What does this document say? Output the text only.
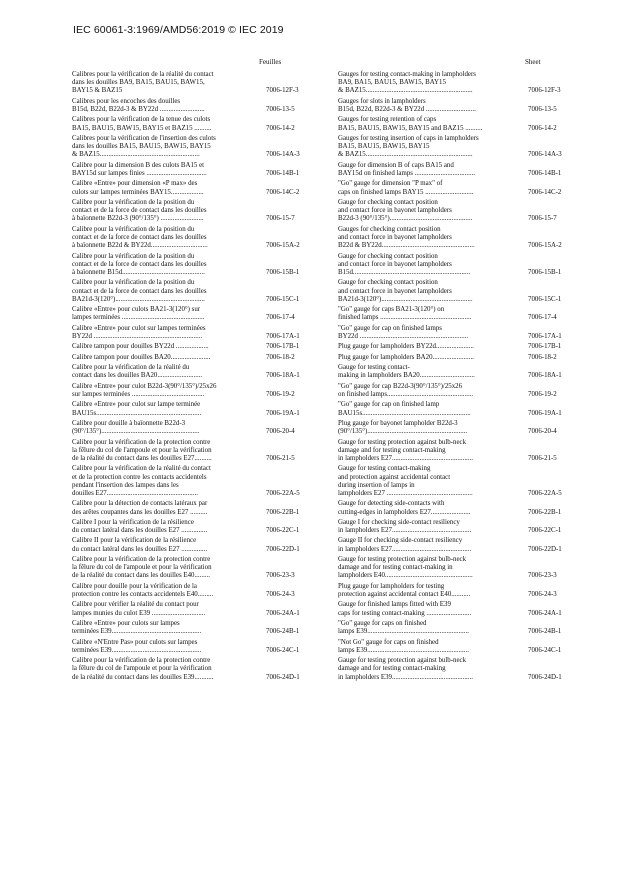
IEC 60061-3:1969/AMD56:2019 © IEC 2019
Feuilles	Sheet
Calibres pour la vérification de la réalité du contact
dans les douilles BA9, BA15, BAU15, BAW15,
BAY15 & BAZ15	7006-12F-3
Calibres pour les encoches des douilles
B15d, B22d, B22d-3 & BY22d ..........................	7006-13-5
Calibres pour la vérification de la tenue des culots
BA15, BAU15, BAW15, BAY15 et BAZ15 ..........	7006-14-2
Calibres pour la vérification de l'insertion des culots
dans les douilles BA15, BAU15, BAW15, BAY15
& BAZ15..........................................................	7006-14A-3
Calibre pour la dimension B des culots BA15 et
BAY15d sur lampes finies ...................................	7006-14B-1
Calibre «Entre» pour dimension «P max» des
culots sur lampes terminées BAY15...................	7006-14C-2
Calibre pour la vérification de la position du
contact et de la force de contact dans les douilles
à baïonnette B22d-3 (90°/135°) .........................	7006-15-7
Calibre pour la vérification de la position du
contact et de la force de contact dans les douilles
à baïonnette B22d & BY22d.................................	7006-15A-2
Calibre pour la vérification de la position du
contact et de la force de contact dans les douilles
à baïonnette B15d................................................	7006-15B-1
Calibre pour la vérification de la position du
contact et de la force de contact dans les douilles
BA21d-3(120°)....................................................	7006-15C-1
Calibre «Entre» pour culots BA21-3(120°) sur
lampes terminées ................................................	7006-17-4
Calibre «Entre» pour culot sur lampes terminées
BY22d ...............................................................	7006-17A-1
Calibre tampon pour douilles BY22d ...................	7006-17B-1
Calibre tampon pour douilles BA20.......................	7006-18-2
Calibre pour la vérification de la réalité du
contact dans les douilles BA20..........................	7006-18A-1
Calibre «Entre» pour culot B22d-3(90°/135°)/25x26
sur lampes terminées ..........................................	7006-19-2
Calibre «Entre» pour culot sur lampe terminée
BAU15s.............................................................	7006-19A-1
Calibre pour douille à baïonnette B22d-3
(90°/135°).........................................................	7006-20-4
Calibre pour la vérification de la protection contre
la fêlure du col de l'ampoule et pour la vérification
de la réalité du contact dans les douilles E27..........	7006-21-5
Calibre pour la vérification de la réalité du contact
et de la protection contre les contacts accidentels
pendant l'insertion des lampes dans les
douilles E27.....................................................	7006-22A-5
Calibre pour la détection de contacts latéraux par
des arêtes coupantes dans les douilles E27 ..........	7006-22B-1
Calibre I pour la vérification de la résilience
du contact latéral dans les douilles E27 ...............	7006-22C-1
Calibre II pour la vérification de la résilience
du contact latéral dans les douilles E27 ...............	7006-22D-1
Calibre pour la vérification de la protection contre
la fêlure du col de l'ampoule et pour la vérification
de la réalité du contact dans les douilles E40.........	7006-23-3
Calibre pour douille pour la vérification de la
protection contre les contacts accidentels E40.........	7006-24-3
Calibre pour vérifier la réalité du contact pour
lampes munies du culot E39 ...............................	7006-24A-1
Calibre «Entre» pour culots sur lampes
terminées E39....................................................	7006-24B-1
Calibre «N'Entre Pas» pour culots sur lampes
terminées E39....................................................	7006-24C-1
Calibre pour la vérification de la protection contre
la fêlure du col de l'ampoule et pour la vérification
de la réalité du contact dans les douilles E39...........	7006-24D-1
Gauges for testing contact-making in lampholders
BA9, BA15, BAU15, BAW15, BAY15
& BAZ15..............................................................	7006-12F-3
Gauges for slots in lampholders
B15d, B22d, B22d-3 & BY22d .............................	7006-13-5
Gauges for testing retention of caps
BA15, BAU15, BAW15, BAY15 and BAZ15 ..........	7006-14-2
Gauges for testing insertion of caps in lampholders
BA15, BAU15, BAW15, BAY15
& BAZ15..............................................................	7006-14A-3
Gauge for dimension B of caps BA15 and
BAY15d on finished lamps ...................................	7006-14B-1
"Go" gauge for dimension "P max" of
caps on finished lamps BAY15 ............................	7006-14C-2
Gauge for checking contact position
and contact force in bayonet lampholders
B22d-3 (90°/135°)................................................	7006-15-7
Gauges for checking contact position
and contact force in bayonet lampholders
B22d & BY22d......................................................	7006-15A-2
Gauge for checking contact position
and contact force in bayonet lampholders
B15d....................................................................	7006-15B-1
Gauge for checking contact position
and contact force in bayonet lampholders
BA21d-3(120°).....................................................	7006-15C-1
"Go" gauge for caps BA21-3(120°) on
finished lamps .....................................................	7006-17-4
"Go" gauge for cap on finished lamps
BY22d ...............................................................	7006-17A-1
Plug gauge for lampholders BY22d......................	7006-17B-1
Plug gauge for lampholders BA20........................	7006-18-2
Gauge for testing contact-
making in lampholders BA20................................	7006-18A-1
"Go" gauge for cap B22d-3(90°/135°)/25x26
on finished lamps..................................................	7006-19-2
"Go" gauge for cap on finished lamp
BAU15s...............................................................	7006-19A-1
Plug gauge for bayonet lampholder B22d-3
(90°/135°)..........................................................	7006-20-4
Gauge for testing protection against bulb-neck
damage and for testing contact-making
in lampholders E27...............................................	7006-21-5
Gauge for testing contact-making
and protection against accidental contact
during insertion of lamps in
lampholders E27 ..................................................	7006-22A-5
Gauge for detecting side-contacts with
cutting-edges in lampholders E27.......................	7006-22B-1
Gauge I for checking side-contact resiliency
in lampholders E27..............................................	7006-22C-1
Gauge II for checking side-contact resiliency
in lampholders E27..............................................	7006-22D-1
Gauge for testing protection against bulb-neck
damage and for testing contact-making in
lampholders E40...................................................	7006-23-3
Plug gauge for lampholders for testing
protection against accidental contact E40...........	7006-24-3
Gauge for finished lamps fitted with E39
caps for testing contact-making ..........................	7006-24A-1
"Go" gauge for caps on finished
lamps E39...........................................................	7006-24B-1
"Not Go" gauge for caps on finished
lamps E39...........................................................	7006-24C-1
Gauge for testing protection against bulb-neck
damage and for testing contact-making
in lampholders E39...............................................	7006-24D-1
